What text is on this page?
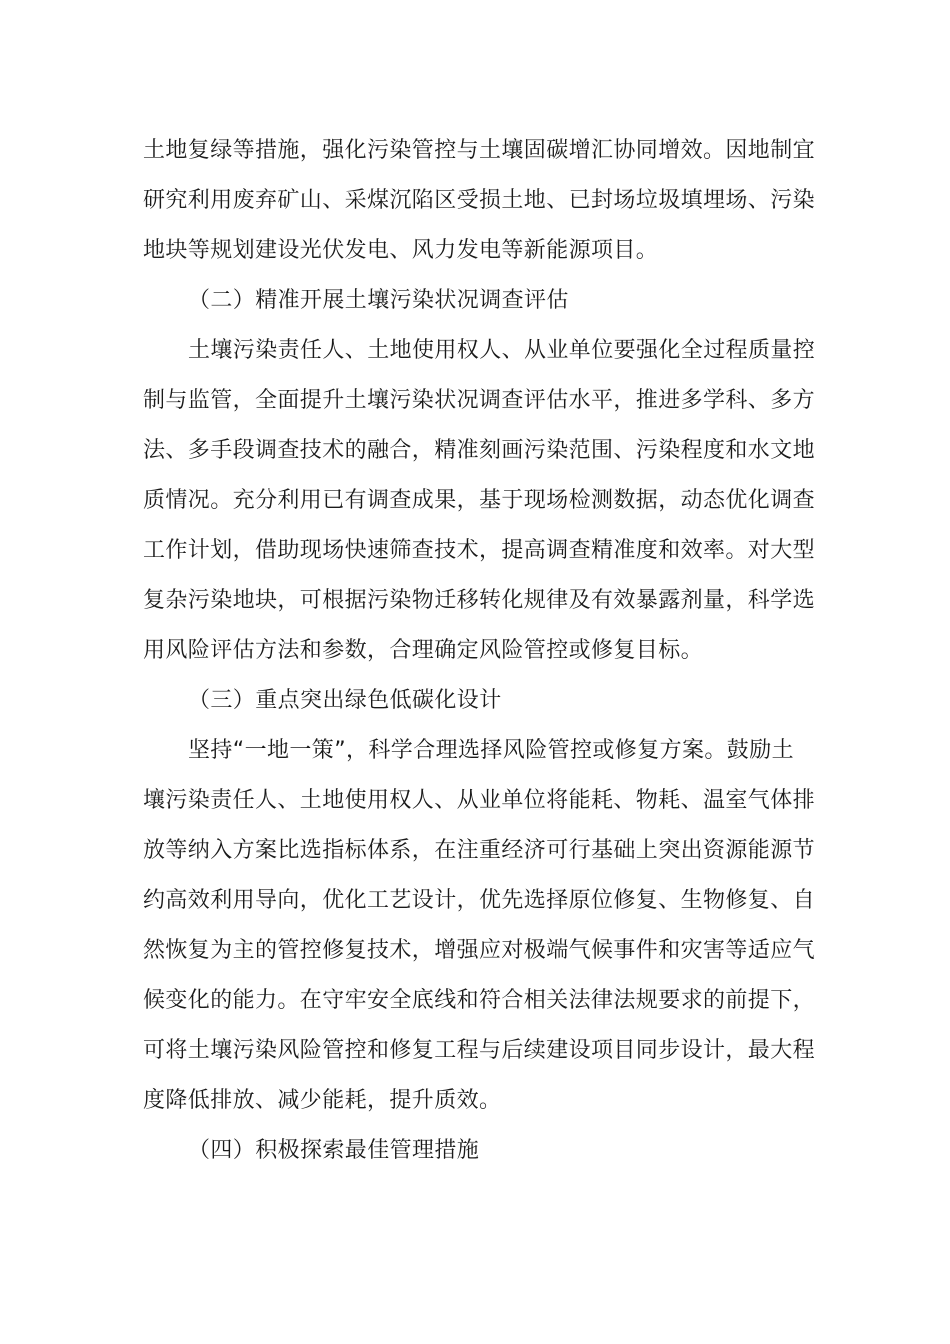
土地复绿等措施，强化污染管控与土壤固碳增汇协同增效。因地制宜
研究利用废弃矿山、采煤沉陷区受损土地、已封场垃圾填埋场、污染
地块等规划建设光伏发电、风力发电等新能源项目。
（二）精准开展土壤污染状况调查评估
土壤污染责任人、土地使用权人、从业单位要强化全过程质量控
制与监管，全面提升土壤污染状况调查评估水平，推进多学科、多方
法、多手段调查技术的融合，精准刻画污染范围、污染程度和水文地
质情况。充分利用已有调查成果，基于现场检测数据，动态优化调查
工作计划，借助现场快速筛查技术，提高调查精准度和效率。对大型
复杂污染地块，可根据污染物迁移转化规律及有效暴露剂量，科学选
用风险评估方法和参数，合理确定风险管控或修复目标。
（三）重点突出绿色低碳化设计
坚持“一地一策”，科学合理选择风险管控或修复方案。鼓励土
壤污染责任人、土地使用权人、从业单位将能耗、物耗、温室气体排
放等纳入方案比选指标体系，在注重经济可行基础上突出资源能源节
约高效利用导向，优化工艺设计，优先选择原位修复、生物修复、自
然恢复为主的管控修复技术，增强应对极端气候事件和灾害等适应气
候变化的能力。在守牢安全底线和符合相关法律法规要求的前提下，
可将土壤污染风险管控和修复工程与后续建设项目同步设计，最大程
度降低排放、减少能耗，提升质效。
（四）积极探索最佳管理措施
